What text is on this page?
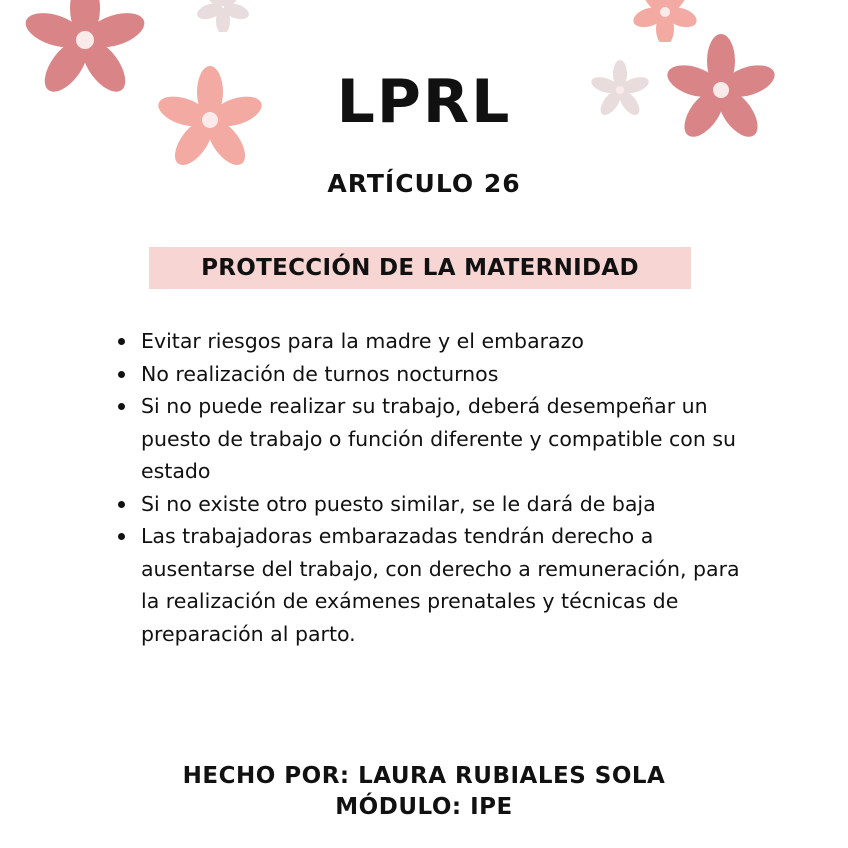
LPRL
ARTÍCULO 26
PROTECCIÓN DE LA MATERNIDAD
Evitar riesgos para la madre y el embarazo
No realización de turnos nocturnos
Si no puede realizar su trabajo, deberá desempeñar un puesto de trabajo o función diferente y compatible con su estado
Si no existe otro puesto similar, se le dará de baja
Las trabajadoras embarazadas tendrán derecho a ausentarse del trabajo, con derecho a remuneración, para la realización de exámenes prenatales y técnicas de preparación al parto.
HECHO POR: LAURA RUBIALES SOLA
MÓDULO: IPE
